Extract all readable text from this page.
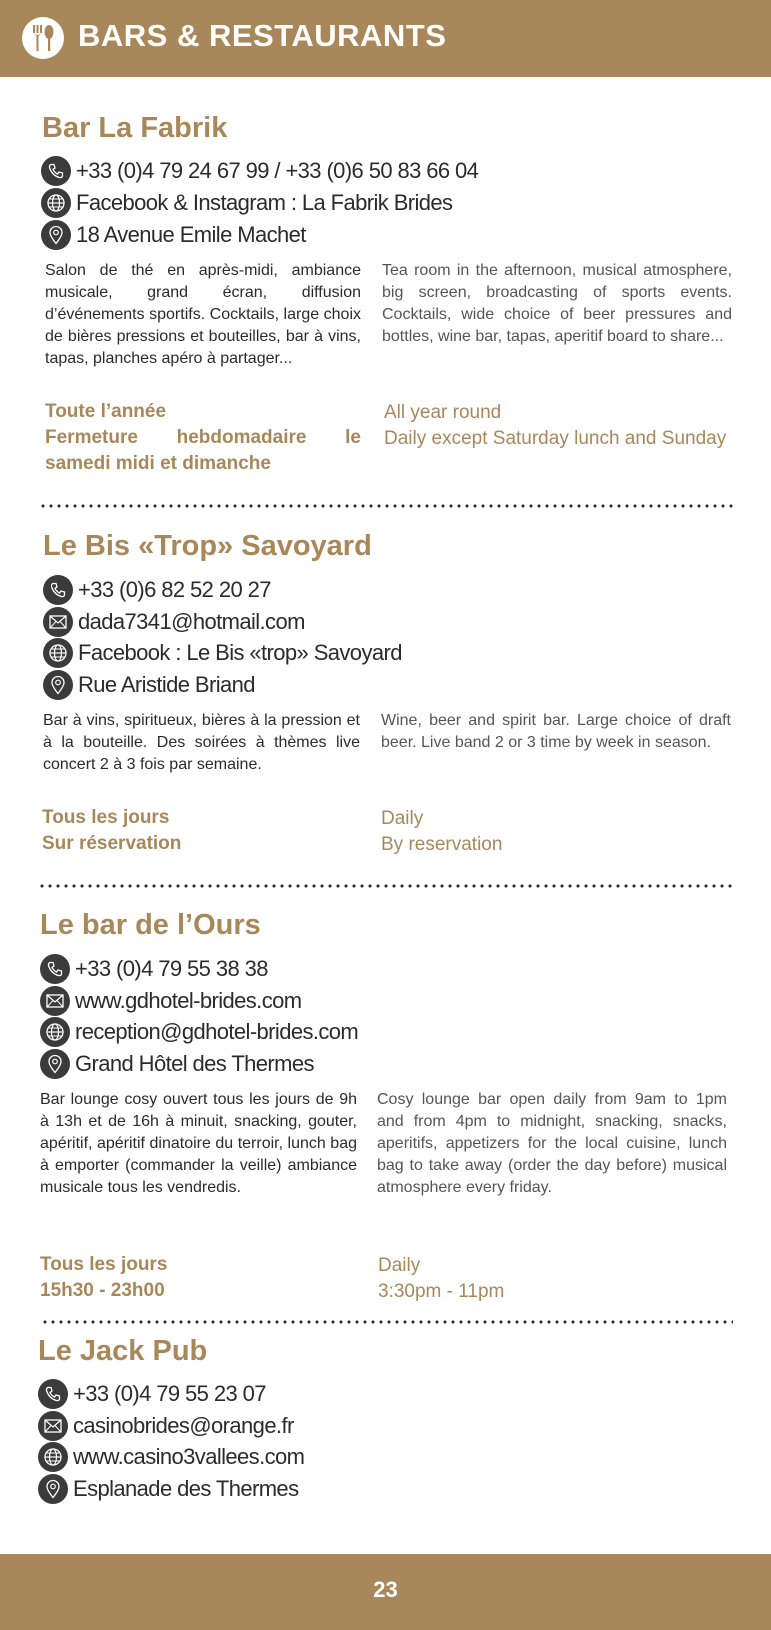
BARS & RESTAURANTS
Bar La Fabrik
+33 (0)4 79 24 67 99 / +33 (0)6 50 83 66 04
Facebook & Instagram : La Fabrik Brides
18 Avenue Emile Machet
Salon de thé en après-midi, ambiance musicale, grand écran, diffusion d’événements sportifs. Cocktails, large choix de bières pressions et bouteilles, bar à vins, tapas, planches apéro à partager...
Tea room in the afternoon, musical atmosphere, big screen, broadcasting of sports events. Cocktails, wide choice of beer pressures and bottles, wine bar, tapas, aperitif board to share...
Toute l’année
Fermeture hebdomadaire le samedi midi et dimanche
All year round
Daily except Saturday lunch and Sunday
Le Bis «Trop» Savoyard
+33 (0)6 82 52 20 27
dada7341@hotmail.com
Facebook : Le Bis «trop» Savoyard
Rue Aristide Briand
Bar à vins, spiritueux, bières à la pression et à la bouteille. Des soirées à thèmes live concert 2 à 3 fois par semaine.
Wine, beer and spirit bar. Large choice of draft beer. Live band 2 or 3 time by week in season.
Tous les jours
Sur réservation
Daily
By reservation
Le bar de l’Ours
+33 (0)4 79 55 38 38
www.gdhotel-brides.com
reception@gdhotel-brides.com
Grand Hôtel des Thermes
Bar lounge cosy ouvert tous les jours de 9h à 13h et de 16h à minuit, snacking, gouter, apéritif, apéritif dinatoire du terroir, lunch bag à emporter (commander la veille) ambiance musicale tous les vendredis.
Cosy lounge bar open daily from 9am to 1pm and from 4pm to midnight, snacking, snacks, aperitifs, appetizers for the local cuisine, lunch bag to take away (order the day before) musical atmosphere every friday.
Tous les jours
15h30 - 23h00
Daily
3:30pm - 11pm
Le Jack Pub
+33 (0)4 79 55 23 07
casinobrides@orange.fr
www.casino3vallees.com
Esplanade des Thermes
23
